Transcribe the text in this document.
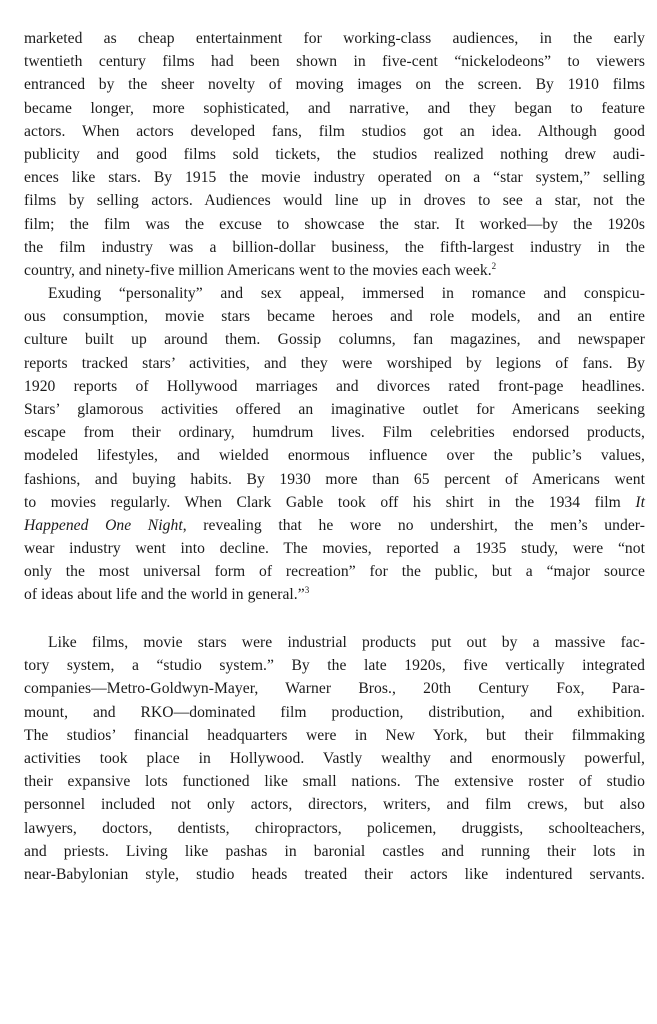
marketed as cheap entertainment for working-class audiences, in the early
twentieth century films had been shown in five-cent “nickelodeons” to viewers
entranced by the sheer novelty of moving images on the screen. By 1910 films
became longer, more sophisticated, and narrative, and they began to feature
actors. When actors developed fans, film studios got an idea. Although good
publicity and good films sold tickets, the studios realized nothing drew audi-
ences like stars. By 1915 the movie industry operated on a “star system,” selling
films by selling actors. Audiences would line up in droves to see a star, not the
film; the film was the excuse to showcase the star. It worked—by the 1920s
the film industry was a billion-dollar business, the fifth-largest industry in the
country, and ninety-five million Americans went to the movies each week.$^2$
Exuding “personality” and sex appeal, immersed in romance and conspicu-
ous consumption, movie stars became heroes and role models, and an entire
culture built up around them. Gossip columns, fan magazines, and newspaper
reports tracked stars’ activities, and they were worshiped by legions of fans. By
1920 reports of Hollywood marriages and divorces rated front-page headlines.
Stars’ glamorous activities offered an imaginative outlet for Americans seeking
escape from their ordinary, humdrum lives. Film celebrities endorsed products,
modeled lifestyles, and wielded enormous influence over the public’s values,
fashions, and buying habits. By 1930 more than 65 percent of Americans went
to movies regularly. When Clark Gable took off his shirt in the 1934 film It
Happened One Night, revealing that he wore no undershirt, the men’s under-
wear industry went into decline. The movies, reported a 1935 study, were “not
only the most universal form of recreation” for the public, but a “major source
of ideas about life and the world in general.”$^3$
Like films, movie stars were industrial products put out by a massive fac-
tory system, a “studio system.” By the late 1920s, five vertically integrated
companies—Metro-Goldwyn-Mayer, Warner Bros., 20th Century Fox, Para-
mount, and RKO—dominated film production, distribution, and exhibition.
The studios’ financial headquarters were in New York, but their filmmaking
activities took place in Hollywood. Vastly wealthy and enormously powerful,
their expansive lots functioned like small nations. The extensive roster of studio
personnel included not only actors, directors, writers, and film crews, but also
lawyers, doctors, dentists, chiropractors, policemen, druggists, schoolteachers,
and priests. Living like pashas in baronial castles and running their lots in
near-Babylonian style, studio heads treated their actors like indentured servants.
